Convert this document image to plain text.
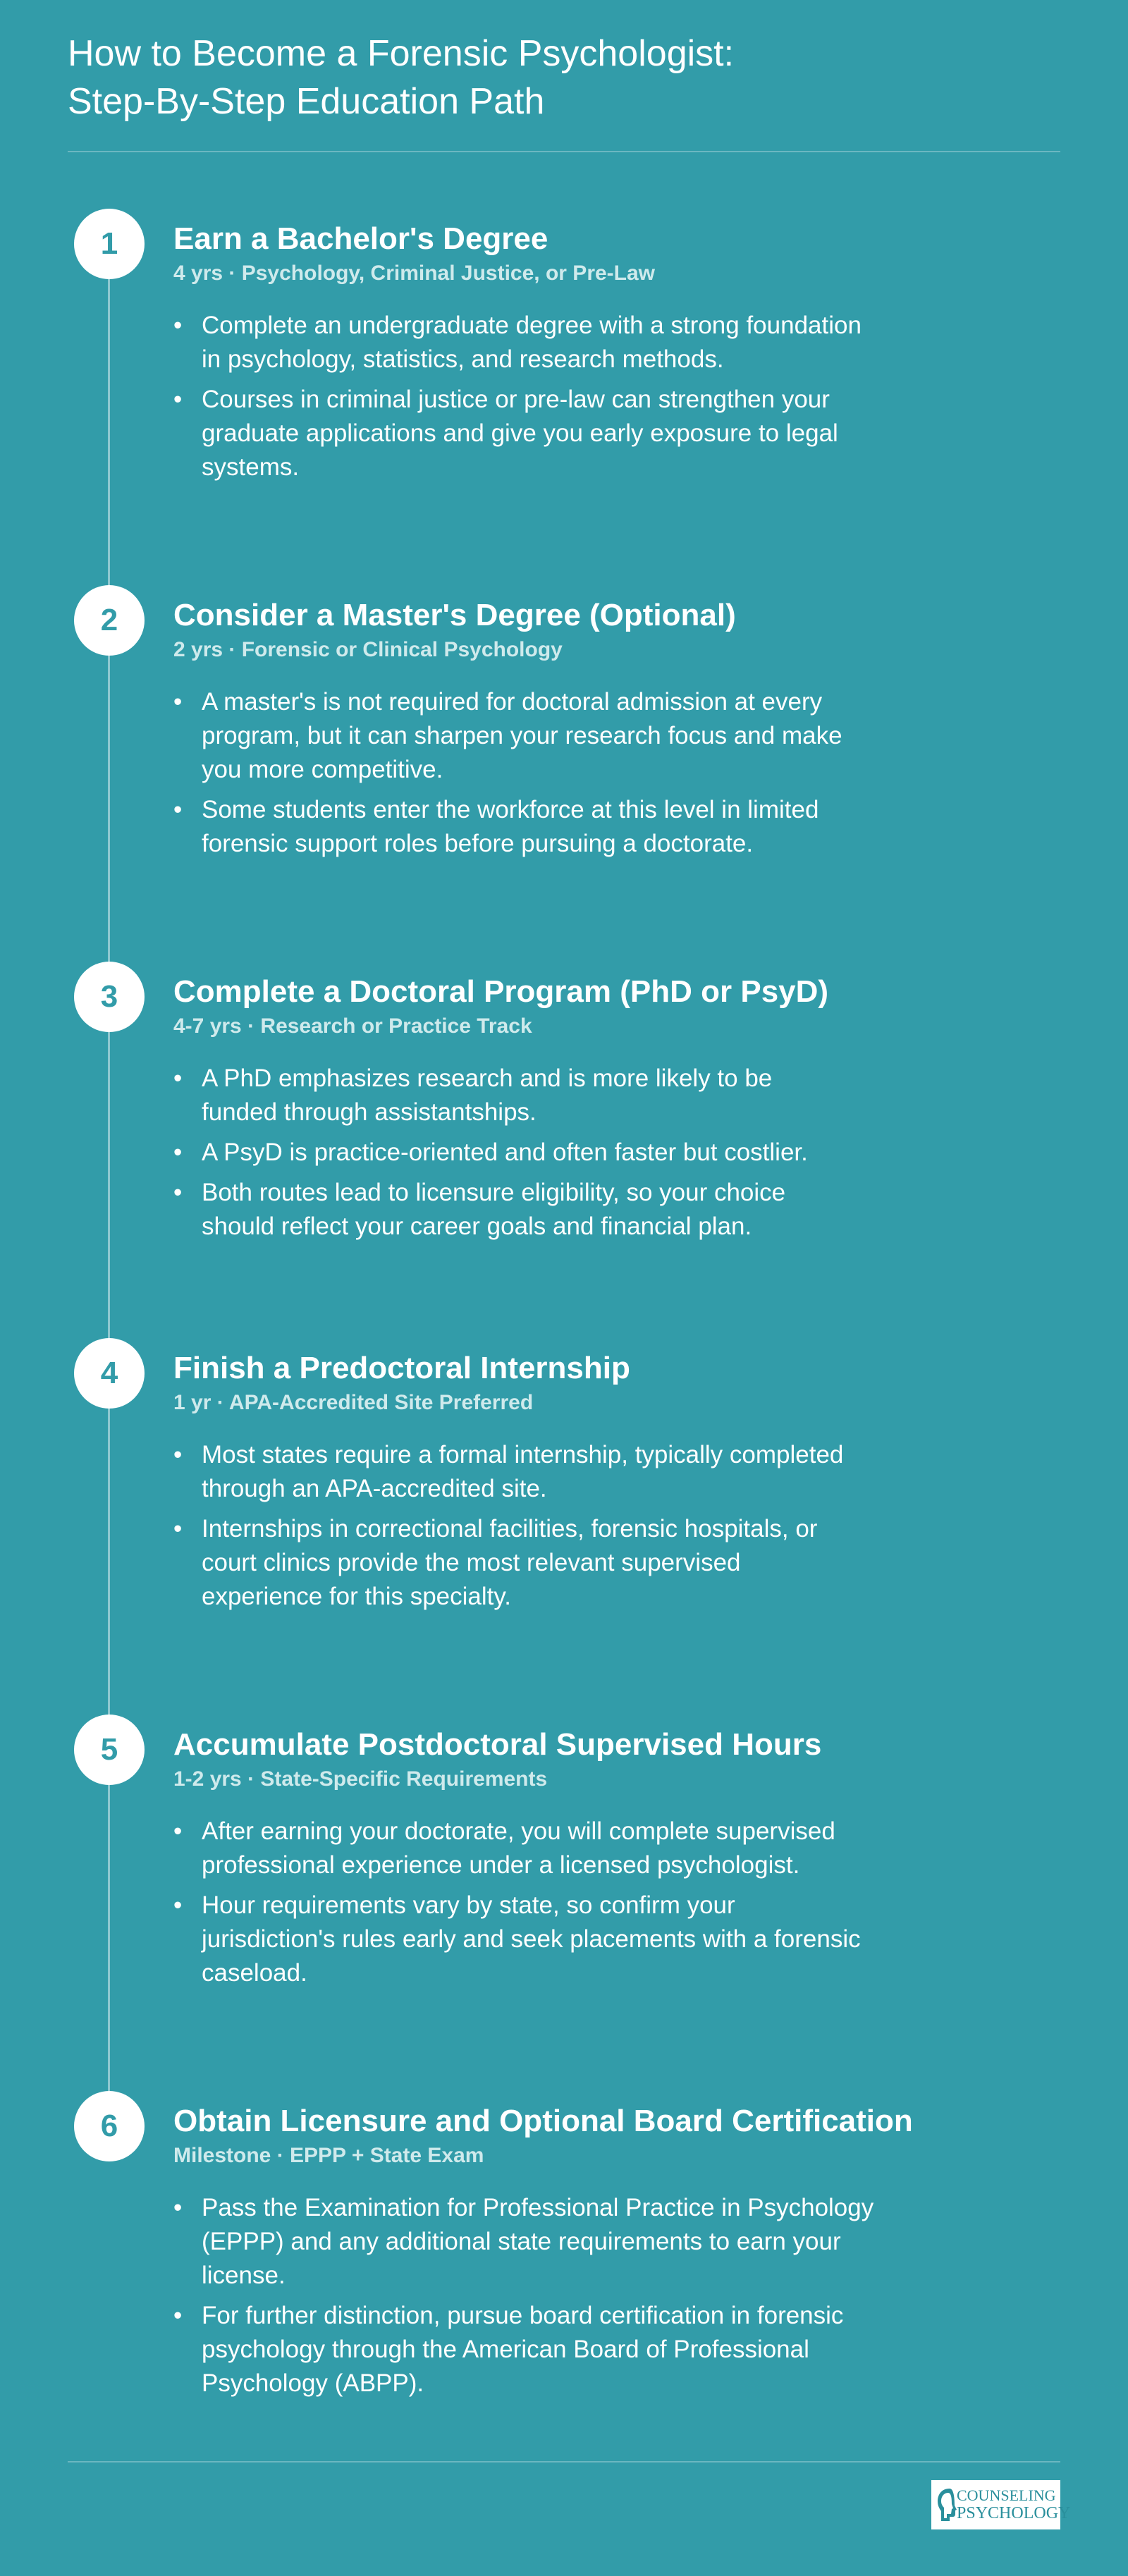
How to Become a Forensic Psychologist:
Step-By-Step Education Path
1	Earn a Bachelor's Degree

4 yrs · Psychology, Criminal Justice, or Pre-Law

• Complete an undergraduate degree with a strong foundation in psychology, statistics, and research methods.
• Courses in criminal justice or pre-law can strengthen your graduate applications and give you early exposure to legal systems.
2	Consider a Master's Degree (Optional)

2 yrs · Forensic or Clinical Psychology

• A master's is not required for doctoral admission at every program, but it can sharpen your research focus and make you more competitive.
• Some students enter the workforce at this level in limited forensic support roles before pursuing a doctorate.
3	Complete a Doctoral Program (PhD or PsyD)

4-7 yrs · Research or Practice Track

• A PhD emphasizes research and is more likely to be funded through assistantships.
• A PsyD is practice-oriented and often faster but costlier.
• Both routes lead to licensure eligibility, so your choice should reflect your career goals and financial plan.
4	Finish a Predoctoral Internship

1 yr · APA-Accredited Site Preferred

• Most states require a formal internship, typically completed through an APA-accredited site.
• Internships in correctional facilities, forensic hospitals, or court clinics provide the most relevant supervised experience for this specialty.
5	Accumulate Postdoctoral Supervised Hours

1-2 yrs · State-Specific Requirements

• After earning your doctorate, you will complete supervised professional experience under a licensed psychologist.
• Hour requirements vary by state, so confirm your jurisdiction's rules early and seek placements with a forensic caseload.
6	Obtain Licensure and Optional Board Certification

Milestone · EPPP + State Exam

• Pass the Examination for Professional Practice in Psychology (EPPP) and any additional state requirements to earn your license.
• For further distinction, pursue board certification in forensic psychology through the American Board of Professional Psychology (ABPP).
COUNSELING
PSYCHOLOGY
